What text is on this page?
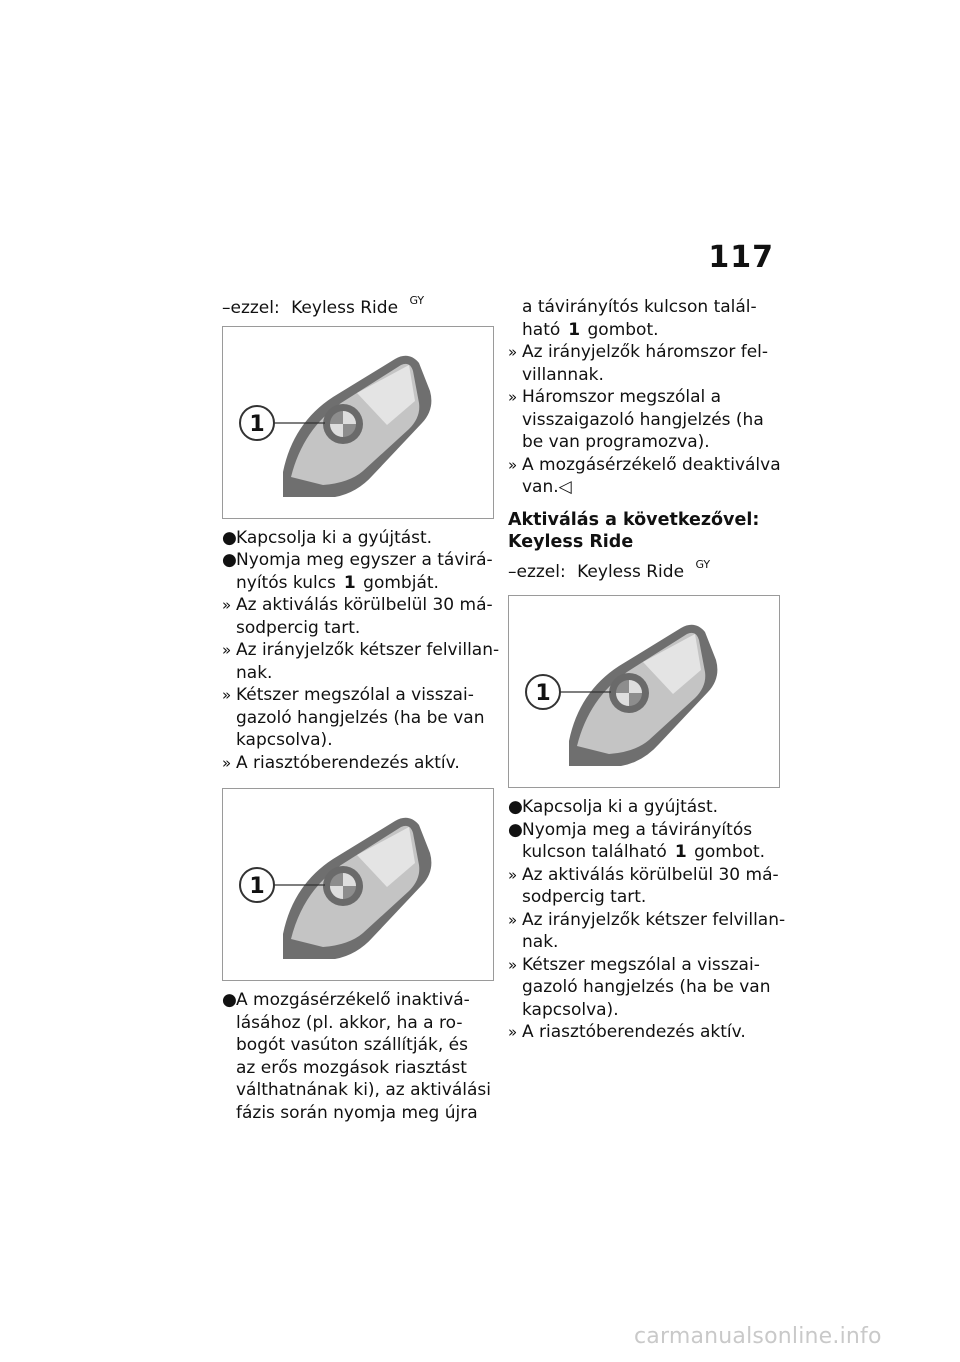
117
–ezzel: Keyless Ride $^{GY}$
1
● Kapcsolja ki a gyújtást.
● Nyomja meg egyszer a távirá-
nyítós kulcs 1 gombját.
» Az aktiválás körülbelül 30 má-
sodpercig tart.
» Az irányjelzők kétszer felvillan-
nak.
» Kétszer megszólal a visszai-
gazoló hangjelzés (ha be van
kapcsolva).
» A riasztóberendezés aktív.
1
● A mozgásérzékelő inaktivá-
lásához (pl. akkor, ha a ro-
bogót vasúton szállítják, és
az erős mozgások riasztást
válthatnának ki), az aktiválási
fázis során nyomja meg újra
a távirányítós kulcson talál-
ható 1 gombot.
» Az irányjelzők háromszor fel-
villannak.
» Háromszor megszólal a
visszaigazoló hangjelzés (ha
be van programozva).
» A mozgásérzékelő deaktiválva
van.◁
Aktiválás a következővel:
Keyless Ride
–ezzel: Keyless Ride $^{GY}$
1
● Kapcsolja ki a gyújtást.
● Nyomja meg a távirányítós
kulcson található 1 gombot.
» Az aktiválás körülbelül 30 má-
sodpercig tart.
» Az irányjelzők kétszer felvillan-
nak.
» Kétszer megszólal a visszai-
gazoló hangjelzés (ha be van
kapcsolva).
» A riasztóberendezés aktív.
carmanualsonline.info
